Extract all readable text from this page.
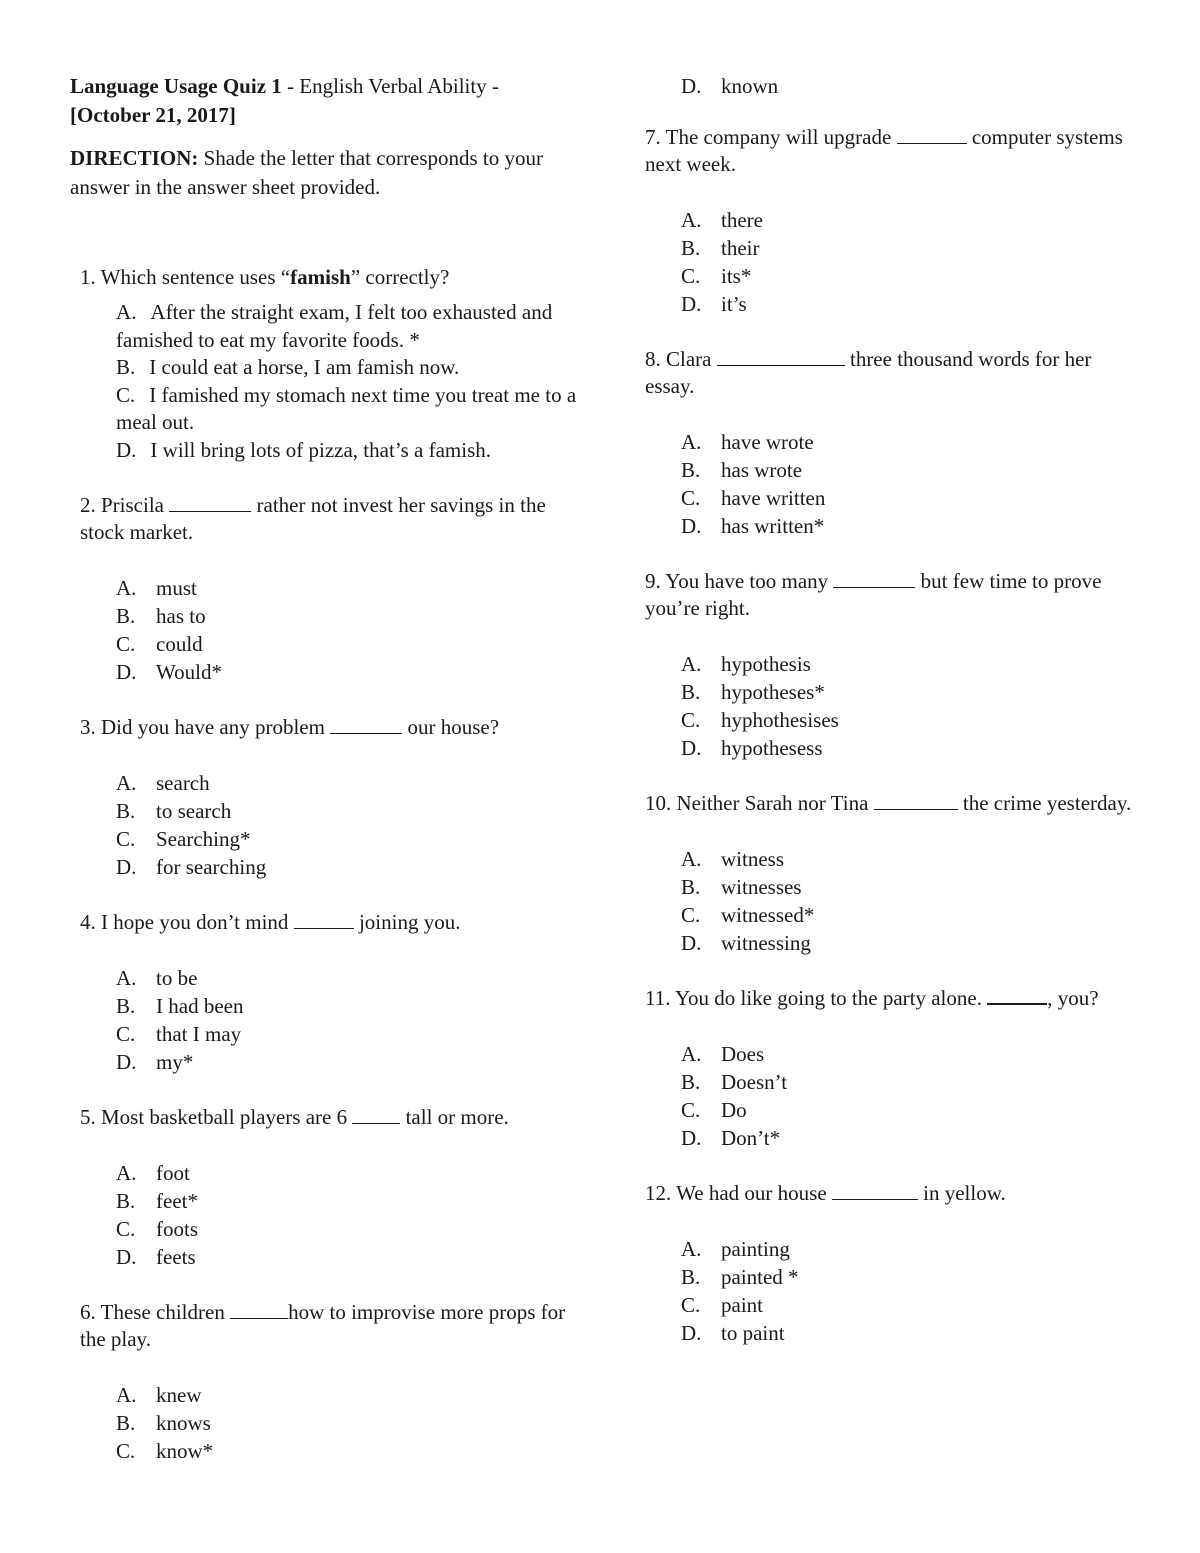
Language Usage Quiz 1 - English Verbal Ability - [October 21, 2017]

DIRECTION: Shade the letter that corresponds to your answer in the answer sheet provided.

1. Which sentence uses “famish” correctly?
A. After the straight exam, I felt too exhausted and famished to eat my favorite foods. *
B. I could eat a horse, I am famish now.
C. I famished my stomach next time you treat me to a meal out.
D. I will bring lots of pizza, that’s a famish.
2. Priscila	rather not invest her savings in the stock market.
A. must
B. has to
C. could
D. Would*
3. Did you have any problem	our house?
A. search
B. to search
C. Searching*
D. for searching
4. I hope you don’t mind	joining you.
A. to be
B. I had been
C. that I may
D. my*
5. Most basketball players are 6  tall or more.
A. foot
B. feet*
C. foots
D. feets
6. These children	how to improvise more props for the play.
A. knew
B. knows
C. know*
D. known
7. The company will upgrade	computer systems next week.
A. there
B. their
C. its*
D. it’s
8. Clara	three thousand words for her essay.
A. have wrote
B. has wrote
C. have written
D. has written*
9. You have too many	but few time to prove you’re right.
A. hypothesis
B. hypotheses*
C. hyphothesises
D. hypothesess
10. Neither Sarah nor Tina	the crime yesterday.
A. witness
B. witnesses
C. witnessed*
D. witnessing
11. You do like going to the party alone.	, you?
A. Does
B. Doesn’t
C. Do
D. Don’t*
12. We had our house	in yellow.
A. painting
B. painted *
C. paint
D. to paint
